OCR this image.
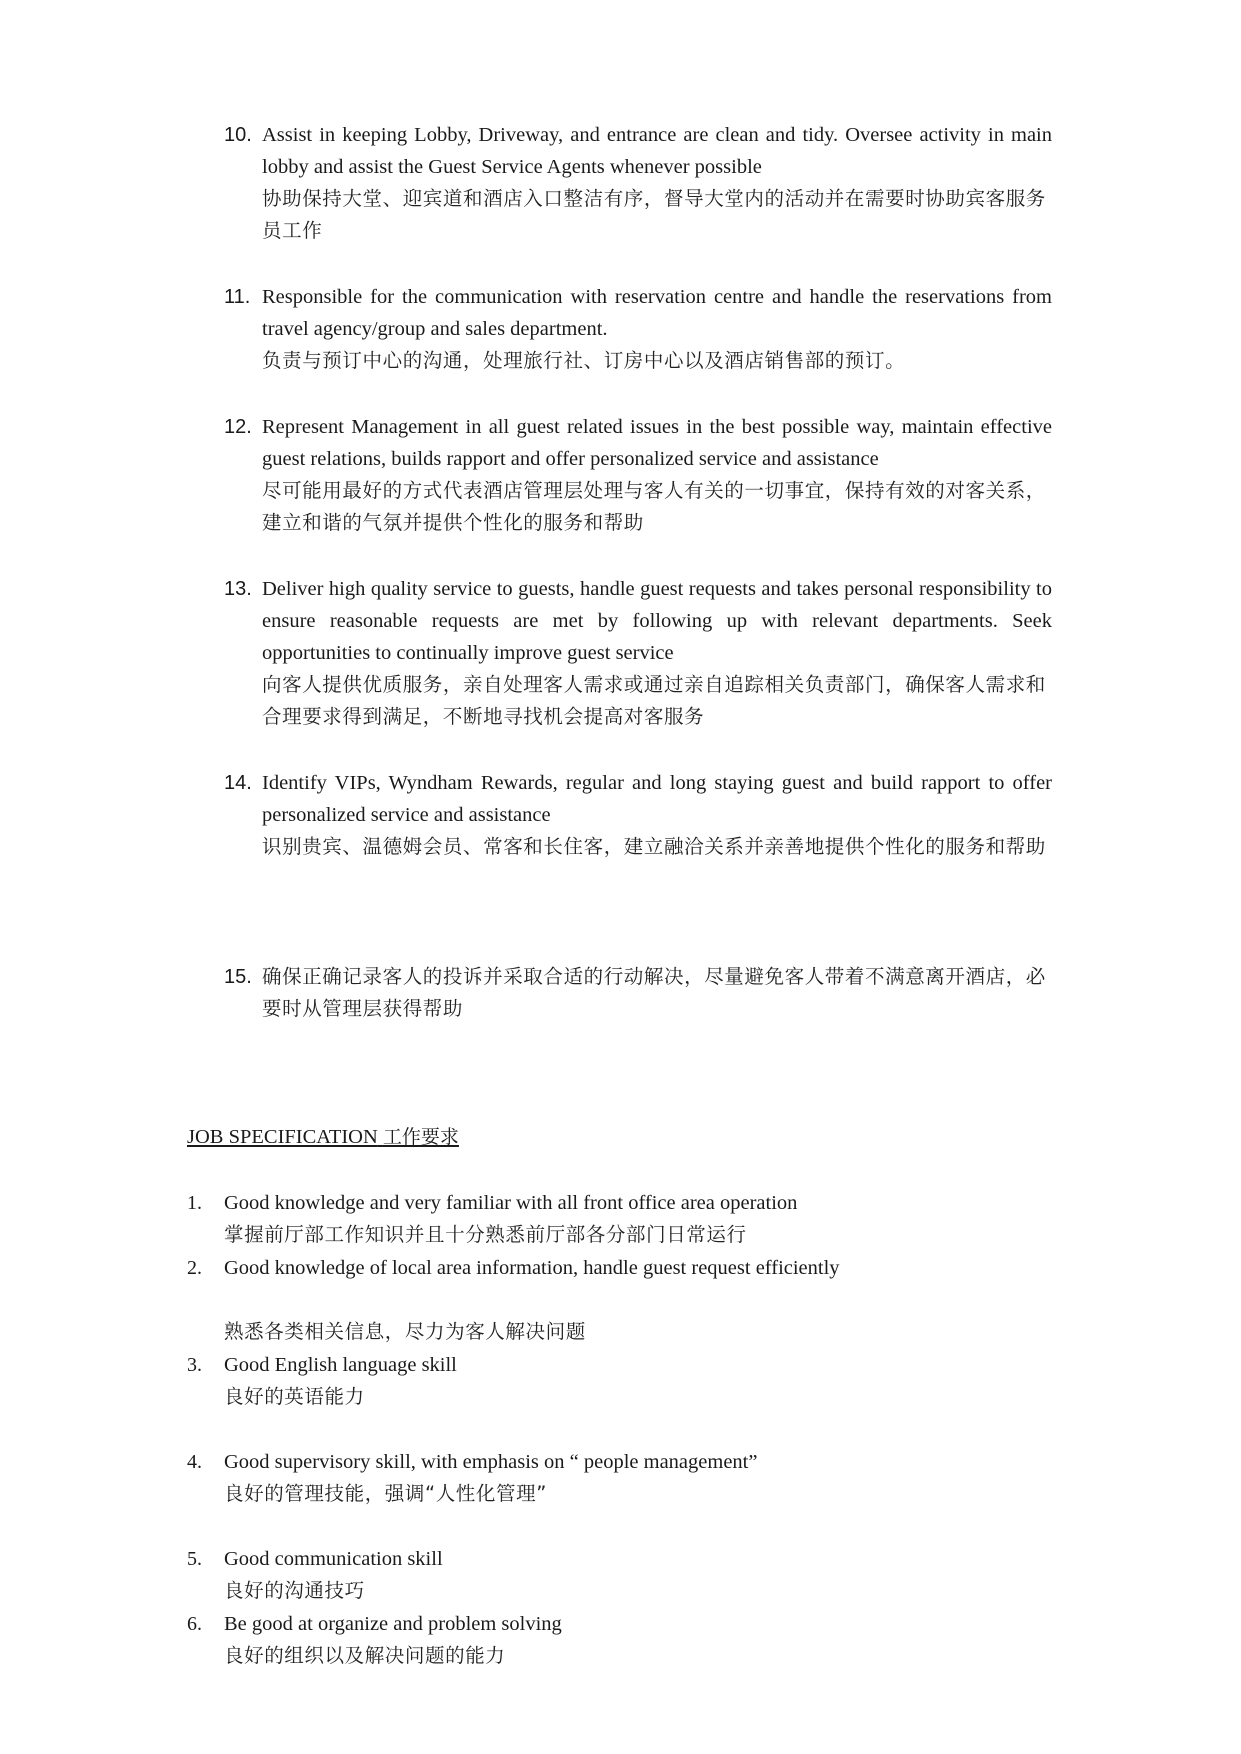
10. Assist in keeping Lobby, Driveway, and entrance are clean and tidy. Oversee activity in main lobby and assist the Guest Service Agents whenever possible

协助保持大堂、迎宾道和酒店入口整洁有序，督导大堂内的活动并在需要时协助宾客服务员工作

11. Responsible for the communication with reservation centre and handle the reservations from travel agency/group and sales department.

负责与预订中心的沟通，处理旅行社、订房中心以及酒店销售部的预订。

12. Represent Management in all guest related issues in the best possible way, maintain effective guest relations, builds rapport and offer personalized service and assistance

尽可能用最好的方式代表酒店管理层处理与客人有关的一切事宜，保持有效的对客关系，建立和谐的气氛并提供个性化的服务和帮助

13. Deliver high quality service to guests, handle guest requests and takes personal responsibility to ensure reasonable requests are met by following up with relevant departments. Seek opportunities to continually improve guest service

向客人提供优质服务，亲自处理客人需求或通过亲自追踪相关负责部门，确保客人需求和合理要求得到满足，不断地寻找机会提高对客服务

14. Identify VIPs, Wyndham Rewards, regular and long staying guest and build rapport to offer personalized service and assistance

识别贵宾、温德姆会员、常客和长住客，建立融洽关系并亲善地提供个性化的服务和帮助

15. 确保正确记录客人的投诉并采取合适的行动解决，尽量避免客人带着不满意离开酒店，必要时从管理层获得帮助

JOB SPECIFICATION 工作要求
1. Good knowledge and very familiar with all front office area operation

掌握前厅部工作知识并且十分熟悉前厅部各分部门日常运行

2. Good knowledge of local area information, handle guest request efficiently

熟悉各类相关信息，尽力为客人解决问题

3. Good English language skill

良好的英语能力

4. Good supervisory skill, with emphasis on “ people management”

良好的管理技能，强调“人性化管理”

5. Good communication skill

良好的沟通技巧

6. Be good at organize and problem solving

良好的组织以及解决问题的能力
